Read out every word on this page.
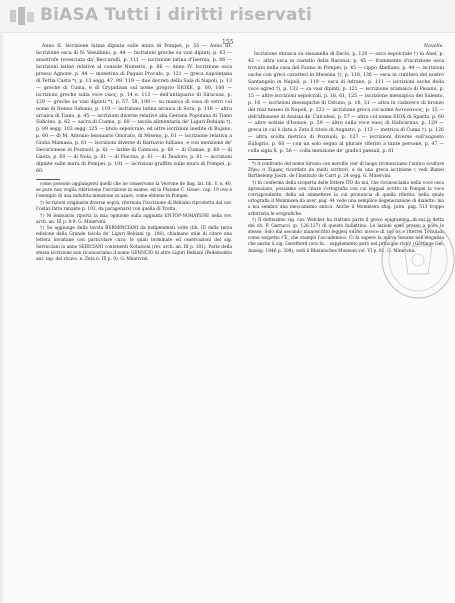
BiASA Tutti i diritti riservati
155

Anno II. Iscrizione latina dipinta sulle mura di Pompei, p. 55 — Anno III. Iscrizione osca di N. Vesullinio, p. 44 — Iscrizioni greche su vasi dipinti, p. 63 — anastrofe rovesciata da' Beccarelli, p. 111 — iscrizione latina d'Isernia, p. 86 — Iscrizioni latine relative al console Numerio, p. 86 — Anno IV. Iscrizione osca presso Agnone, p. 44 — monetina di Paquio Proculo, p. 121 — greca napoletana di Tettia Casta *), p. 13 segg. 47. 99. 119 — due decreti della Sala di Napoli, p. 13 — greche di Cuma, e di Crypidium sul nome proprio ΕΙΟΧΕ, p. 60, 108 — iscrizioni greche sulla voce ναος, p. 14 e. 113 — dell'antiquario di Siracusa, p. 129 — greche su vasi dipinti *), p. 57. 58, 108 — su manico di vaso di vetro col nome di Ireneo Sidonio, p. 119 — iscrizione latina arcaica di Sora, p. 118 — altra arcaica di Tiano, p. 45 — iscrizioni diverse relative alla Gerusia Populana di Tiano Sidicino, p. 62 — sacra di Cosma, p. 60 — tavola alimentaria de' Liguri Bebiani †), p. 89 segg. 103 segg. 125 — titolo sepolcrale, ed altre iscrizioni inedite di Bojano, p. 60 — di M. Antonio Iennuario Onorato, di Miseno, p. 61 — iscrizione relativa a Giulia Mamaea, p. 61 — iscrizioni diverse di Barnavio Iulliano, e con menzione de' Decurionese in Pozzuoli, p. 61 — latine di Cannosa, p. 60 — di Cumae, p. 60 — di Gaeta, p. 60 — di Nola, p. 61 — di Piacina, p. 61 — di Teadoro, p. 61 — iscrizioni dipinte sulle mura di Pompei, p. 101 — iscrizioni graffite sulle mura di Pompei, p. 60.

come possono aggiungersi quelli che ne conservano la Verrone de ling. lat. lib. V. n. 40, se pure non voglia riferirsene l'iscrizione in esame, ed la Platone C. Graec. cap. 19 ove è l'esempio di una indubita menzione su asare, come ebbene in Pompei.

†) Iscrizioni originarie diverse sopra, ritornata l'iscrizione di Bebiano riprodotta dal cav. Costaz fatto ranante p. 103, da paragonarsi con quella di Trotta.

†) M Iennuario riporta la mia opinione sulla aggiunta ENTOP-ΝΟΗΑΥΕΝΕ nella rev. arch. an. III p. 8-9. G. Minervini.

†) Su aggiunge della tavola BERMINCIANI da indipendenti volte (lib. III della terza edizione della Grande tavola de' Liguri Bebiani (p. 106), chiamano utile di citare una lettera inviatane con particolare cura; le quali terminate ed osservazioni del sig. Serricciani lo anno SERICIANI contenenti Notazioni (rev. arch. an. III p. 181). Parte della stessa iscrizione non riconosciamo il nome GENNCIO di altre Liguri Bebiani (Pedemontio ant. tap. del ricavo. e. Zeta n. IX p. 9). G. Minervini.

Novelle.

Iscrizione ebraica su sissanella di Eeclo, p. 120 — osca sepolcrale †) in Anel, p. 42 — altra osca in castello della Baronia, p. 45 — frammento d'iscrizione osca trovata nella casa del Fauno in Pompei, p. 45 — cippo Abellano, p. 44 — iscrizioni osche con greci caratteri in Messina †), p. 118, 136 — osca in cimitero del nostro Santangelo in Napoli, p. 119 — osca di Adrano, p. 111 — iscrizioni osche della voce agred †), p. 132 — su vasi dipinti, p. 121 — iscrizione aramaica di Pesano, p. 15 — altre iscrizioni sepolcrali, p. 16, 61, 125 — iscrizione messapica del Salento, p. 16 — iscrizioni messapiche di Ostuno, p. 16, 31 — altra in cadaveco di bronzo del real museo in Napoli, p. 121 — iscrizione greca col nome Αντοναιους, p. 15 — dell'albanese di Assisia de' Calcidesi, p. 57 — altra col nome ΕΙΟΧ di Sparta, p. 60 — altre notizie d'Isonoe, p. 59 — altre sulla voce ναος di Halicarnus, p. 129 — greca in cui è data a Zeta il titolo di Augusto, p. 113 — metrica di Cuma †), p. 126 — altra scolta metrica di Pozzuoli, p. 127 — iscrizioni diverse sull'augusto Eulogrio, p. 60 — con un solo segno al plurale riferito a tante persone, p. 47 — colla sigla Χ, p. 56 — colla menzione de' giudici paesali, p. 61

*) A confronto del nome Sirusio con nerofilo (ser di luogo riconosciamo l'antico scultore Ζήνω σ Σίμμας ricordato da molti scrittori, e da una greca iscrizione ( vedi Bianei Barthelemy Journ. de l'Instituto de Carri p. 24 segg. G. Minervini.

†) In conferma della scoperta delle lettere ΠΟ da noi, che riconosciamo nella voce osca apreusiano, possiamo con citare l'ortografia con cui leggasi scritto in Pompei la voce corrispondente, della ad ammettere la cui pronuncia di quella riferita, nella quale ortografia il Mommsen da aver. pag. 44 vede una semplice degenerazione di dialetto: ma a noi sembra una meccanismo antica. Anche il Mommsen sfug. prim. pag. 513 troppo arbitraria le orografiche.

†) Il dottissimo sig. cav. Welcker ha trattato parte il greco epigramma, di cui la detta del ch. P. Garrucci (p. 126-127) di questo bullettino. Le lezioni sono presso a poco le stesse. Solo dal secondo manoscritto leggesi σαΐδει invece di τοῦ σε e riterrei Τσεκάιαι come sospetto l'Ἐ, che stampò l'accademico. Ci fa sapere la nuova lezione nell'eleganza che anche il sig. Gerstherd (ora fα. . supplemento però nel principio ristò! (Göttinge Gel. Anzeig. 1846 p. 308); vedi il Rheinisches Museum vol. VI p. 81. G. Minervini.
